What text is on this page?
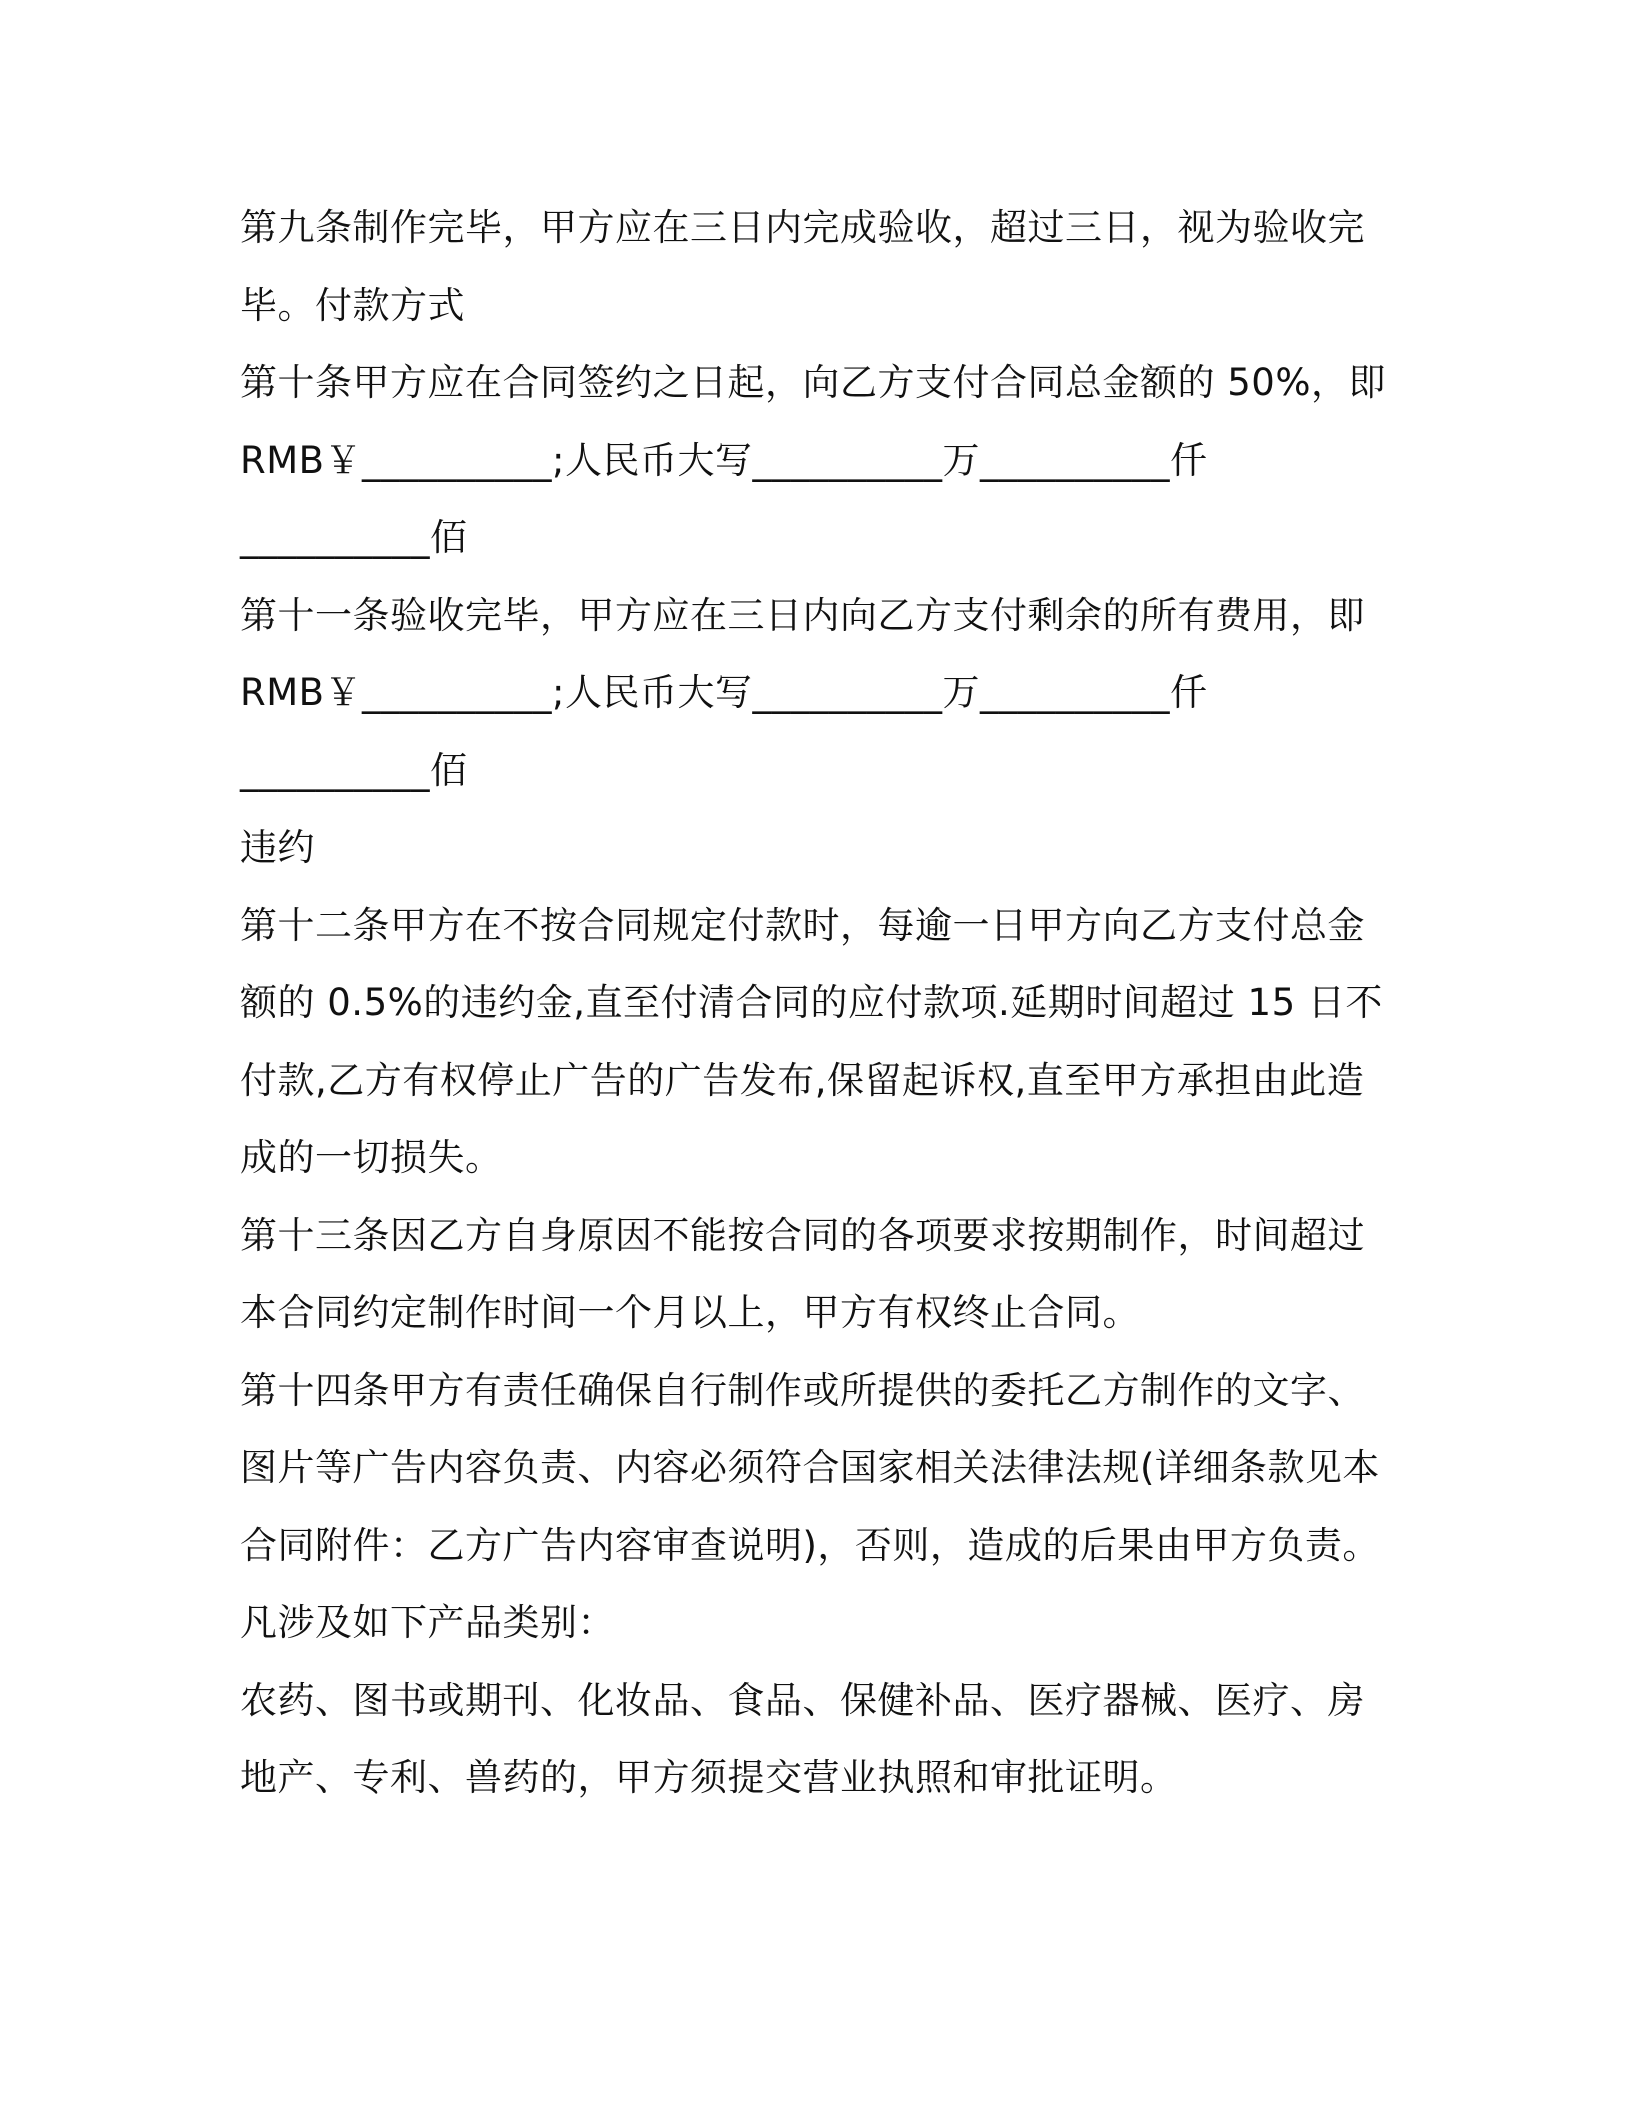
第九条制作完毕，甲方应在三日内完成验收，超过三日，视为验收完
毕。付款方式
第十条甲方应在合同签约之日起，向乙方支付合同总金额的 50%，即
RMB￥__________;人民币大写__________万__________仟
__________佰
第十一条验收完毕，甲方应在三日内向乙方支付剩余的所有费用，即
RMB￥__________;人民币大写__________万__________仟
__________佰
违约
第十二条甲方在不按合同规定付款时，每逾一日甲方向乙方支付总金
额的 0.5%的违约金,直至付清合同的应付款项.延期时间超过 15 日不
付款,乙方有权停止广告的广告发布,保留起诉权,直至甲方承担由此造
成的一切损失。
第十三条因乙方自身原因不能按合同的各项要求按期制作，时间超过
本合同约定制作时间一个月以上，甲方有权终止合同。
第十四条甲方有责任确保自行制作或所提供的委托乙方制作的文字、
图片等广告内容负责、内容必须符合国家相关法律法规(详细条款见本
合同附件：乙方广告内容审查说明)，否则，造成的后果由甲方负责。
凡涉及如下产品类别：
农药、图书或期刊、化妆品、食品、保健补品、医疗器械、医疗、房
地产、专利、兽药的，甲方须提交营业执照和审批证明。
